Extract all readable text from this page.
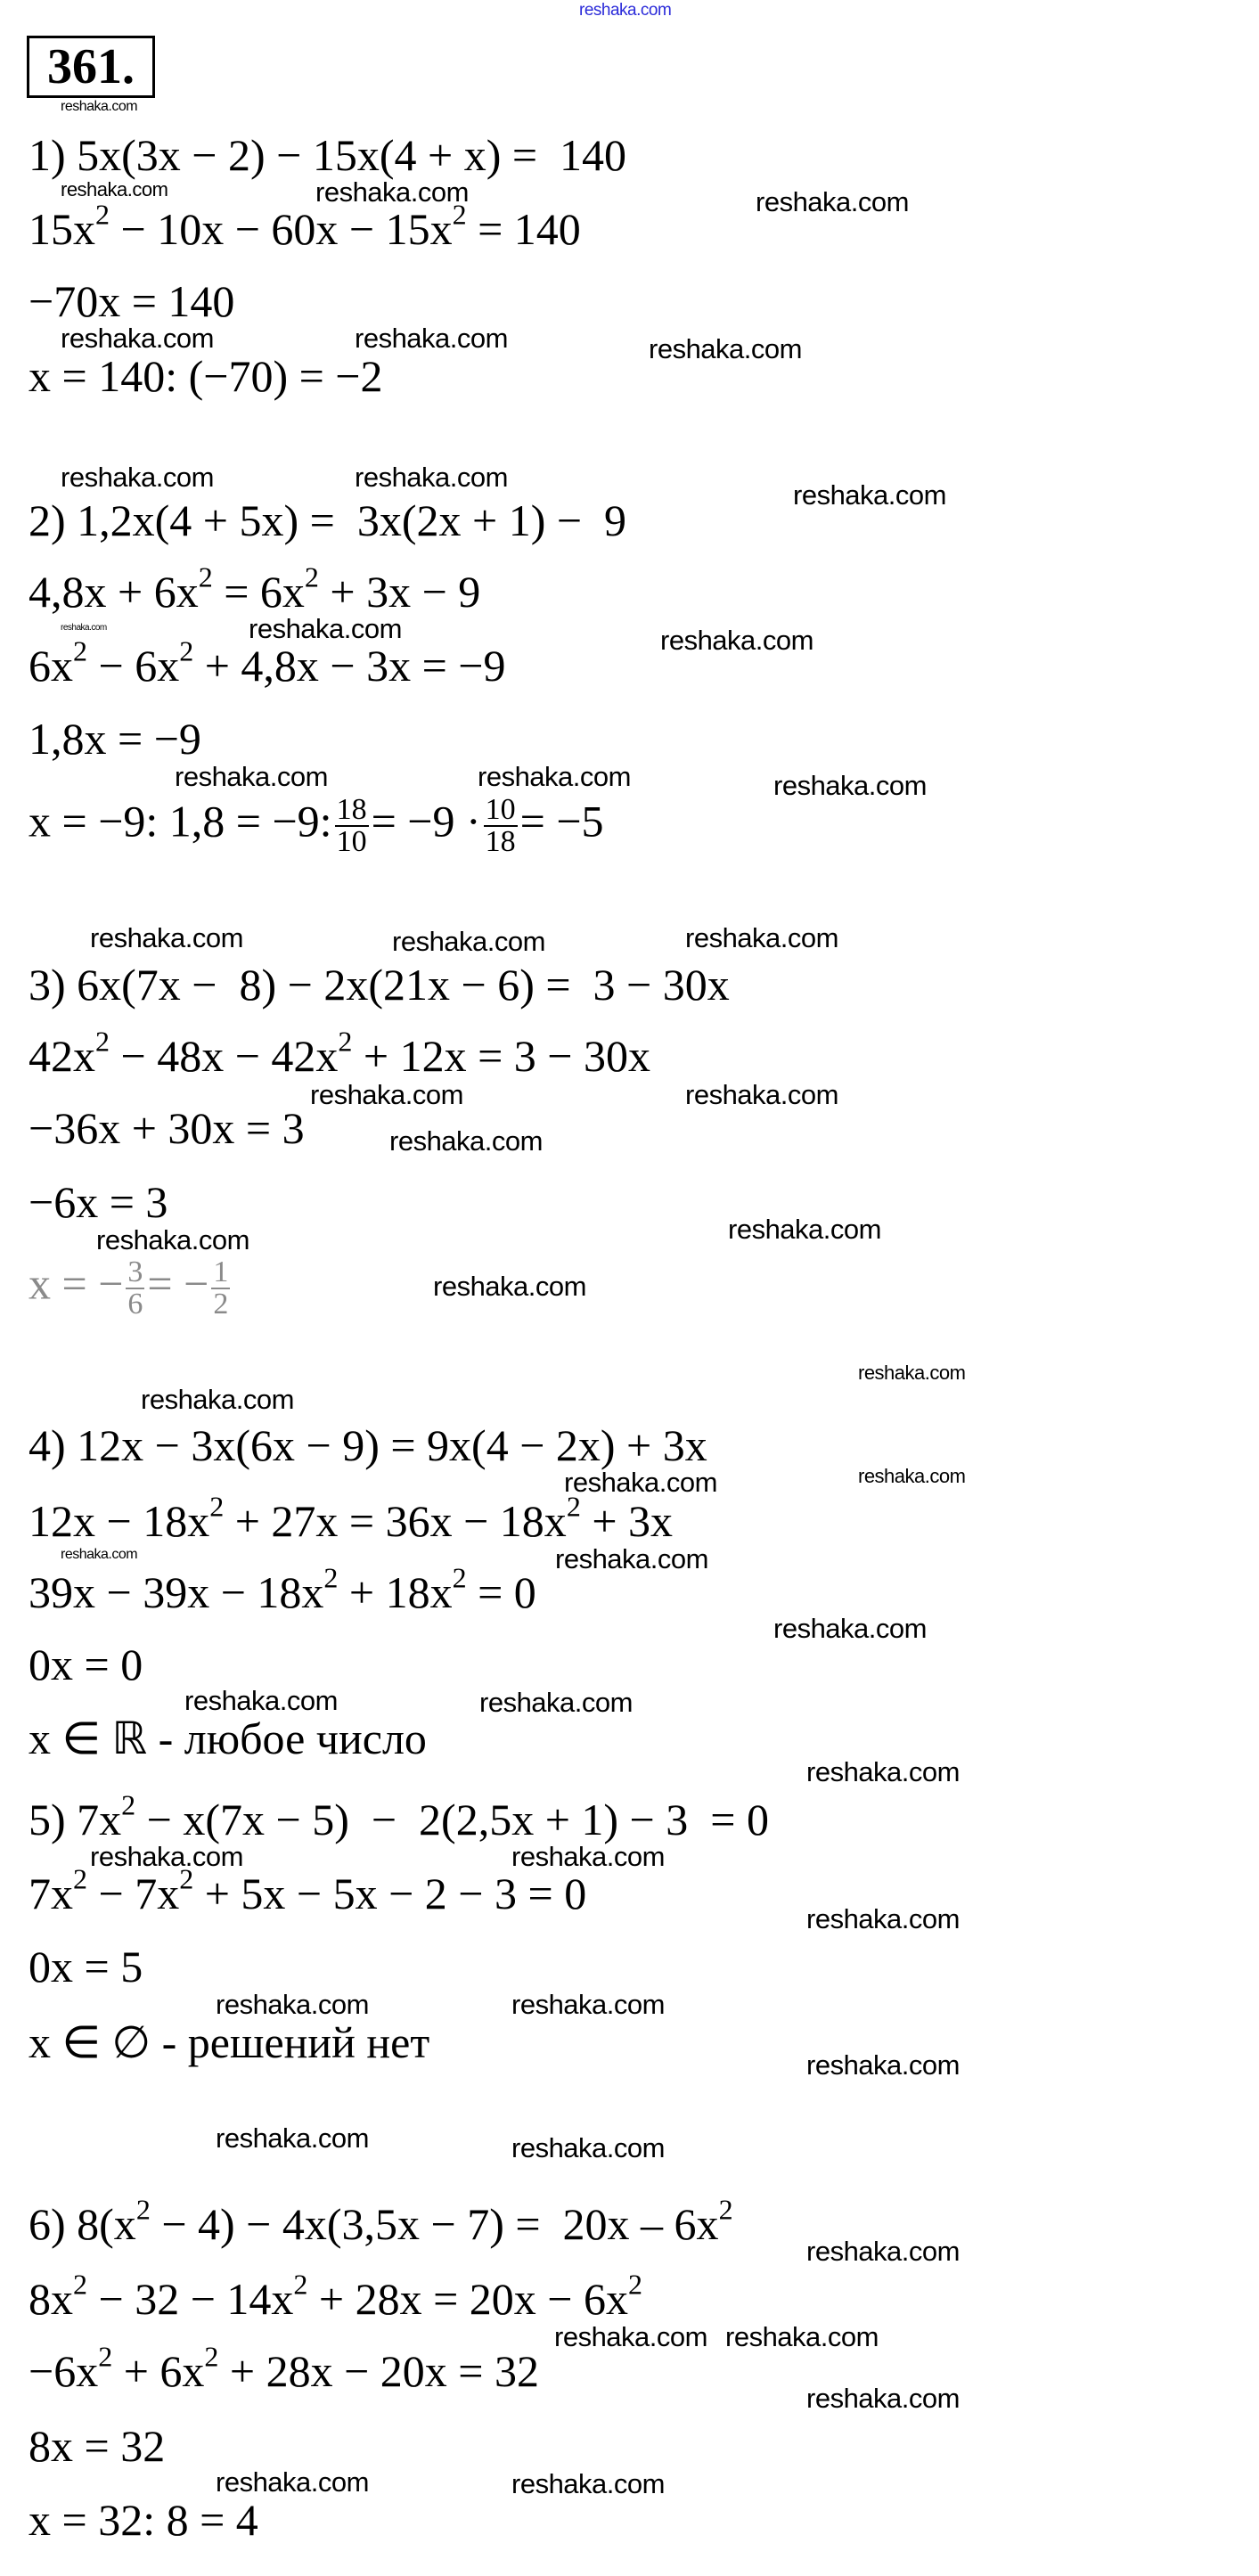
361.
1) 5x(3x − 2) − 15x(4 + x) =  140
$15x^2 - 10x - 60x - 15x^2 = 140$
−70x = 140
x = 140: (−70) = −2
2) 1,2x(4 + 5x) =  3x(2x + 1) −  9
$4,8x + 6x^2 = 6x^2 + 3x - 9$
$6x^2 - 6x^2 + 4,8x - 3x = -9$
1,8x = −9
x = −9: 1,8 = −9: $\frac{18}{10} = -9 \cdot \frac{10}{18} = -5$
3) 6x(7x −  8) − 2x(21x − 6) =  3 − 30x
$42x^2 - 48x - 42x^2 + 12x = 3 - 30x$
−36x + 30x = 3
−6x = 3
x = − $\frac{3}{6}$ = − $\frac{1}{2}$
4) 12x − 3x(6x − 9) = 9x(4 − 2x) + 3x
$12x - 18x^2 + 27x = 36x - 18x^2 + 3x$
$39x - 39x - 18x^2 + 18x^2 = 0$
0x = 0
x ∈ ℝ - любое число
5) $7x^2 - x(7x - 5) - 2(2,5x + 1) - 3 = 0$
$7x^2 - 7x^2 + 5x - 5x - 2 - 3 = 0$
0x = 5
x ∈ ∅ - решений нет
6) $8(x^2 - 4) - 4x(3,5x - 7) = 20x - 6x^2$
$8x^2 - 32 - 14x^2 + 28x = 20x - 6x^2$
$-6x^2 + 6x^2 + 28x - 20x = 32$
8x = 32
x = 32: 8 = 4
reshaka.com
reshaka.com
reshaka.com	reshaka.com	reshaka.com
reshaka.com	reshaka.com	reshaka.com
reshaka.com	reshaka.com
reshaka.com
reshaka.com	reshaka.com	reshaka.com
reshaka.com	reshaka.com	reshaka.com
reshaka.com	reshaka.com	reshaka.com
reshaka.com	reshaka.com
reshaka.com
reshaka.com	reshaka.com
reshaka.com
reshaka.com
reshaka.com
reshaka.com	reshaka.com
reshaka.com	reshaka.com
reshaka.com
reshaka.com	reshaka.com
reshaka.com
reshaka.com	reshaka.com
reshaka.com
reshaka.com	reshaka.com
reshaka.com
reshaka.com	reshaka.com
reshaka.com
reshaka.com reshaka.com
reshaka.com
reshaka.com	reshaka.com
